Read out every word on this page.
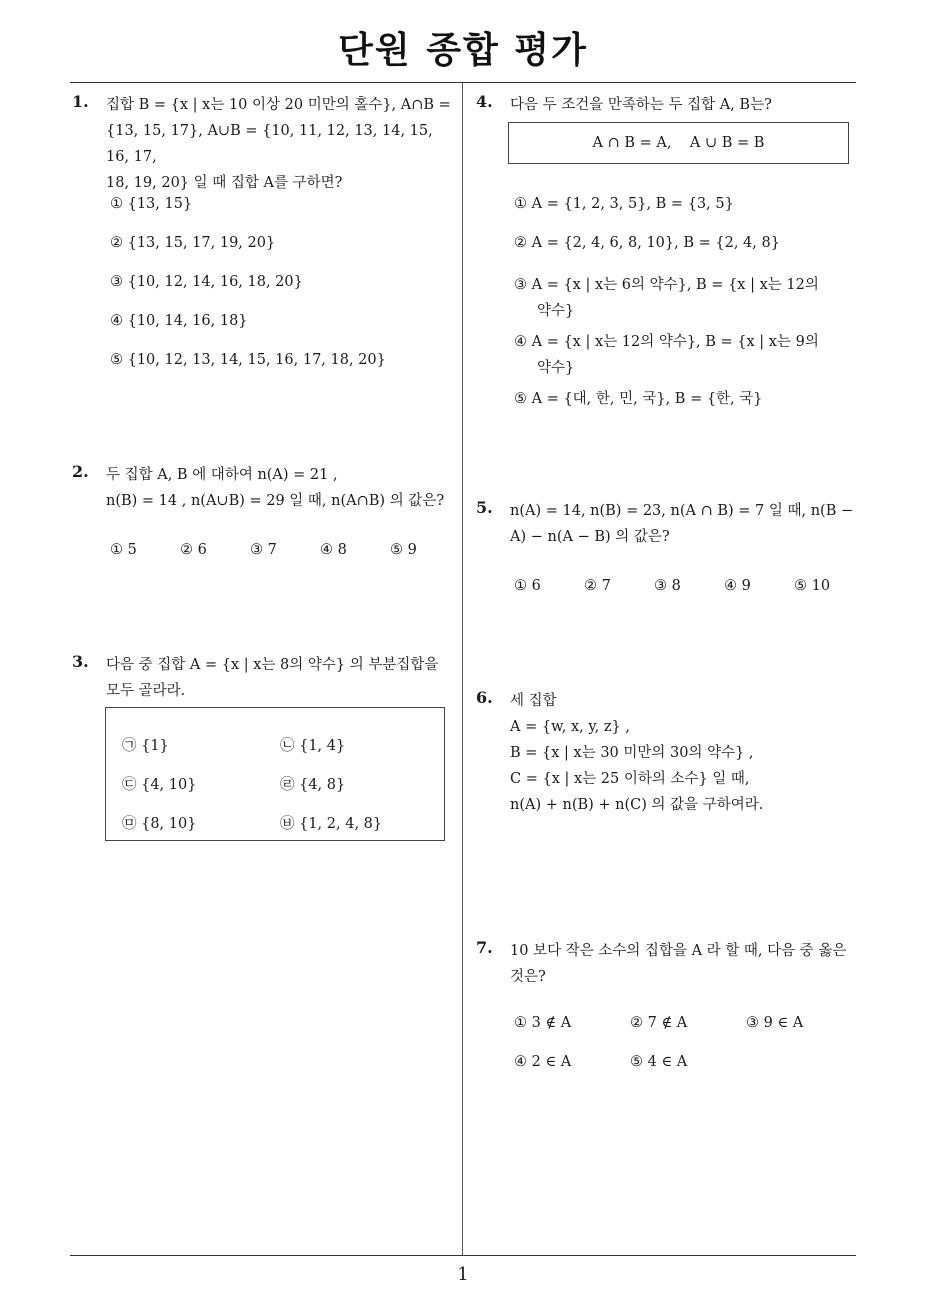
단원 종합 평가
1. 집합 B = {x | x는 10 이상 20 미만의 홀수}, A∩B =

{13, 15, 17}, A∪B = {10, 11, 12, 13, 14, 15, 16, 17,

18, 19, 20} 일 때 집합 A를 구하면?

① {13, 15}
② {13, 15, 17, 19, 20}
③ {10, 12, 14, 16, 18, 20}
④ {10, 14, 16, 18}
⑤ {10, 12, 13, 14, 15, 16, 17, 18, 20}
2. 두 집합 A, B 에 대하여 n(A) = 21 ,

n(B) = 14 , n(A∪B) = 29 일 때, n(A∩B) 의 값은?

① 5	② 6	③ 7	④ 8	⑤ 9
3. 다음 중 집합 A = {x | x는 8의 약수} 의 부분집합을

모두 골라라.

㉠ {1}	㉡ {1, 4}
㉢ {4, 10}	㉣ {4, 8}
㉤ {8, 10}	㉥ {1, 2, 4, 8}
4. 다음 두 조건을 만족하는 두 집합 A, B는?

A ∩ B = A,    A ∪ B = B
① A = {1, 2, 3, 5}, B = {3, 5}
② A = {2, 4, 6, 8, 10}, B = {2, 4, 8}
③ A = {x | x는 6의 약수}, B = {x | x는 12의
약수}
④ A = {x | x는 12의 약수}, B = {x | x는 9의
약수}
⑤ A = {대, 한, 민, 국}, B = {한, 국}
5. n(A) = 14, n(B) = 23, n(A ∩ B) = 7 일 때, n(B −

A) − n(A − B) 의 값은?

① 6	② 7	③ 8	④ 9	⑤ 10
6. 세 집합

A = {w, x, y, z} ,

B = {x | x는 30 미만의 30의 약수} ,

C = {x | x는 25 이하의 소수} 일 때,

n(A) + n(B) + n(C) 의 값을 구하여라.

7. 10 보다 작은 소수의 집합을 A 라 할 때, 다음 중 옳은

것은?

① 3 ∉ A	② 7 ∉ A	③ 9 ∈ A
④ 2 ∈ A	⑤ 4 ∈ A
1
